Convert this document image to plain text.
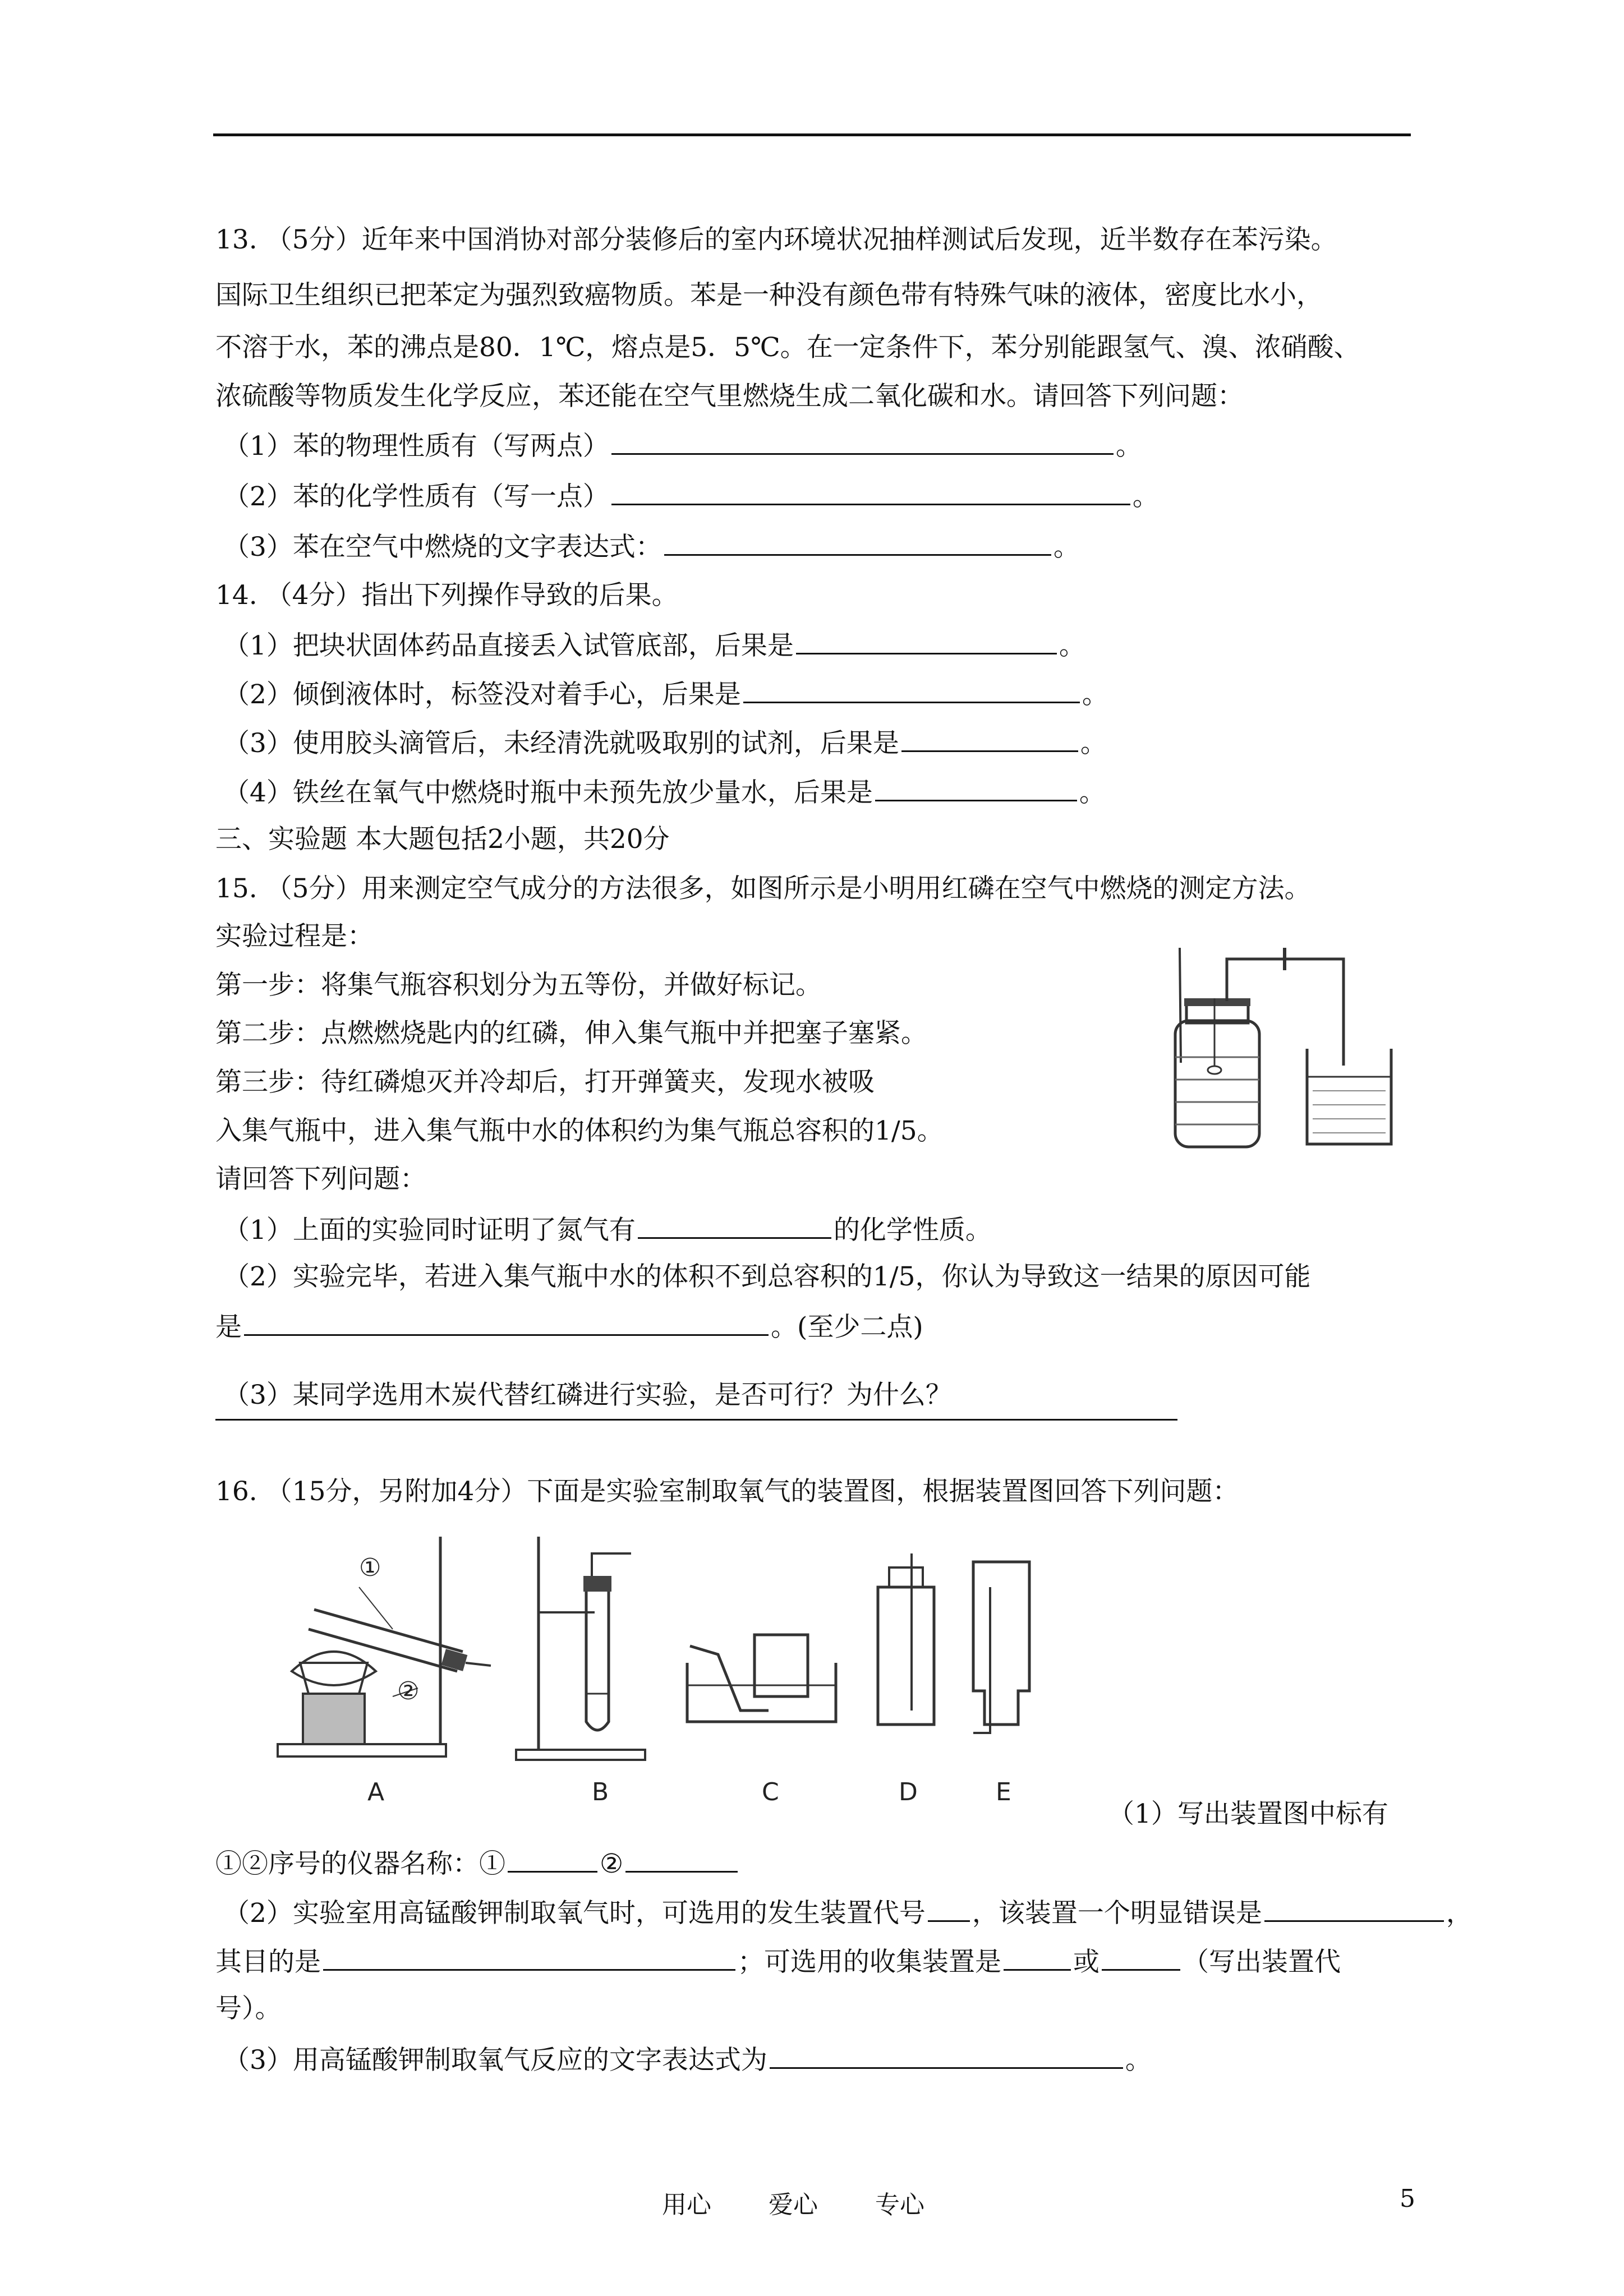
13. （5分）近年来中国消协对部分装修后的室内环境状况抽样测试后发现，近半数存在苯污染。
国际卫生组织已把苯定为强烈致癌物质。苯是一种没有颜色带有特殊气味的液体，密度比水小，
不溶于水，苯的沸点是80．1℃，熔点是5．5℃。在一定条件下，苯分别能跟氢气、溴、浓硝酸、
浓硫酸等物质发生化学反应，苯还能在空气里燃烧生成二氧化碳和水。请回答下列问题：
（1）苯的物理性质有（写两点）	。
（2）苯的化学性质有（写一点）	。
（3）苯在空气中燃烧的文字表达式：	。
14. （4分）指出下列操作导致的后果。
（1）把块状固体药品直接丢入试管底部，后果是	。
（2）倾倒液体时，标签没对着手心，后果是	。
（3）使用胶头滴管后，未经清洗就吸取别的试剂，后果是	。
（4）铁丝在氧气中燃烧时瓶中未预先放少量水，后果是	。
三、实验题 本大题包括2小题，共20分
15. （5分）用来测定空气成分的方法很多，如图所示是小明用红磷在空气中燃烧的测定方法。
实验过程是：
第一步：将集气瓶容积划分为五等份，并做好标记。
第二步：点燃燃烧匙内的红磷，伸入集气瓶中并把塞子塞紧。
第三步：待红磷熄灭并冷却后，打开弹簧夹，发现水被吸
入集气瓶中，进入集气瓶中水的体积约为集气瓶总容积的1/5。
请回答下列问题：
（1）上面的实验同时证明了氮气有	的化学性质。
（2）实验完毕，若进入集气瓶中水的体积不到总容积的1/5，你认为导致这一结果的原因可能
是	。(至少二点)
（3）某同学选用木炭代替红磷进行实验，是否可行？为什么？
16. （15分，另附加4分）下面是实验室制取氧气的装置图，根据装置图回答下列问题：
①
②
A	B	C	D	E
（1）写出装置图中标有
①②序号的仪器名称：①	②
（2）实验室用高锰酸钾制取氧气时，可选用的发生装置代号 ，该装置一个明显错误是	，
其目的是	；可选用的收集装置是	或	（写出装置代
号）。
（3）用高锰酸钾制取氧气反应的文字表达式为	。
用心 爱心 专心	5
